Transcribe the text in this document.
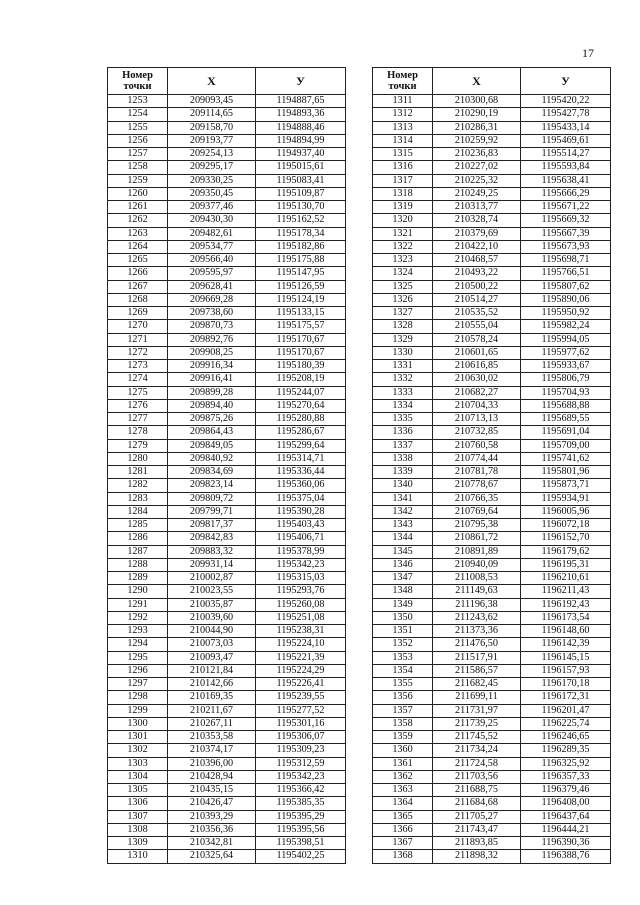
17
Номер
точки	X	У
1253	209093,45	1194887,65
1254	209114,65	1194893,36
1255	209158,70	1194888,46
1256	209193,77	1194894,99
1257	209254,13	1194937,40
1258	209295,17	1195015,61
1259	209330,25	1195083,41
1260	209350,45	1195109,87
1261	209377,46	1195130,70
1262	209430,30	1195162,52
1263	209482,61	1195178,34
1264	209534,77	1195182,86
1265	209566,40	1195175,88
1266	209595,97	1195147,95
1267	209628,41	1195126,59
1268	209669,28	1195124,19
1269	209738,60	1195133,15
1270	209870,73	1195175,57
1271	209892,76	1195170,67
1272	209908,25	1195170,67
1273	209916,34	1195180,39
1274	209916,41	1195208,19
1275	209899,28	1195244,07
1276	209894,40	1195270,64
1277	209875,26	1195280,88
1278	209864,43	1195286,67
1279	209849,05	1195299,64
1280	209840,92	1195314,71
1281	209834,69	1195336,44
1282	209823,14	1195360,06
1283	209809,72	1195375,04
1284	209799,71	1195390,28
1285	209817,37	1195403,43
1286	209842,83	1195406,71
1287	209883,32	1195378,99
1288	209931,14	1195342,23
1289	210002,87	1195315,03
1290	210023,55	1195293,76
1291	210035,87	1195260,08
1292	210039,60	1195251,08
1293	210044,90	1195238,31
1294	210073,03	1195224,10
1295	210093,47	1195221,39
1296	210121,84	1195224,29
1297	210142,66	1195226,41
1298	210169,35	1195239,55
1299	210211,67	1195277,52
1300	210267,11	1195301,16
1301	210353,58	1195306,07
1302	210374,17	1195309,23
1303	210396,00	1195312,59
1304	210428,94	1195342,23
1305	210435,15	1195366,42
1306	210426,47	1195385,35
1307	210393,29	1195395,29
1308	210356,36	1195395,56
1309	210342,81	1195398,51
1310	210325,64	1195402,25
Номер
точки	X	У
1311	210300,68	1195420,22
1312	210290,19	1195427,78
1313	210286,31	1195433,14
1314	210259,92	1195469,61
1315	210236,83	1195514,27
1316	210227,02	1195593,84
1317	210225,32	1195638,41
1318	210249,25	1195666,29
1319	210313,77	1195671,22
1320	210328,74	1195669,32
1321	210379,69	1195667,39
1322	210422,10	1195673,93
1323	210468,57	1195698,71
1324	210493,22	1195766,51
1325	210500,22	1195807,62
1326	210514,27	1195890,06
1327	210535,52	1195950,92
1328	210555,04	1195982,24
1329	210578,24	1195994,05
1330	210601,65	1195977,62
1331	210616,85	1195933,67
1332	210630,02	1195806,79
1333	210682,27	1195704,93
1334	210704,33	1195688,88
1335	210713,13	1195689,55
1336	210732,85	1195691,04
1337	210760,58	1195709,00
1338	210774,44	1195741,62
1339	210781,78	1195801,96
1340	210778,67	1195873,71
1341	210766,35	1195934,91
1342	210769,64	1196005,96
1343	210795,38	1196072,18
1344	210861,72	1196152,70
1345	210891,89	1196179,62
1346	210940,09	1196195,31
1347	211008,53	1196210,61
1348	211149,63	1196211,43
1349	211196,38	1196192,43
1350	211243,62	1196173,54
1351	211373,36	1196148,60
1352	211476,50	1196142,39
1353	211517,91	1196145,15
1354	211586,57	1196157,93
1355	211682,45	1196170,18
1356	211699,11	1196172,31
1357	211731,97	1196201,47
1358	211739,25	1196225,74
1359	211745,52	1196246,65
1360	211734,24	1196289,35
1361	211724,58	1196325,92
1362	211703,56	1196357,33
1363	211688,75	1196379,46
1364	211684,68	1196408,00
1365	211705,27	1196437,64
1366	211743,47	1196444,21
1367	211893,85	1196390,36
1368	211898,32	1196388,76
